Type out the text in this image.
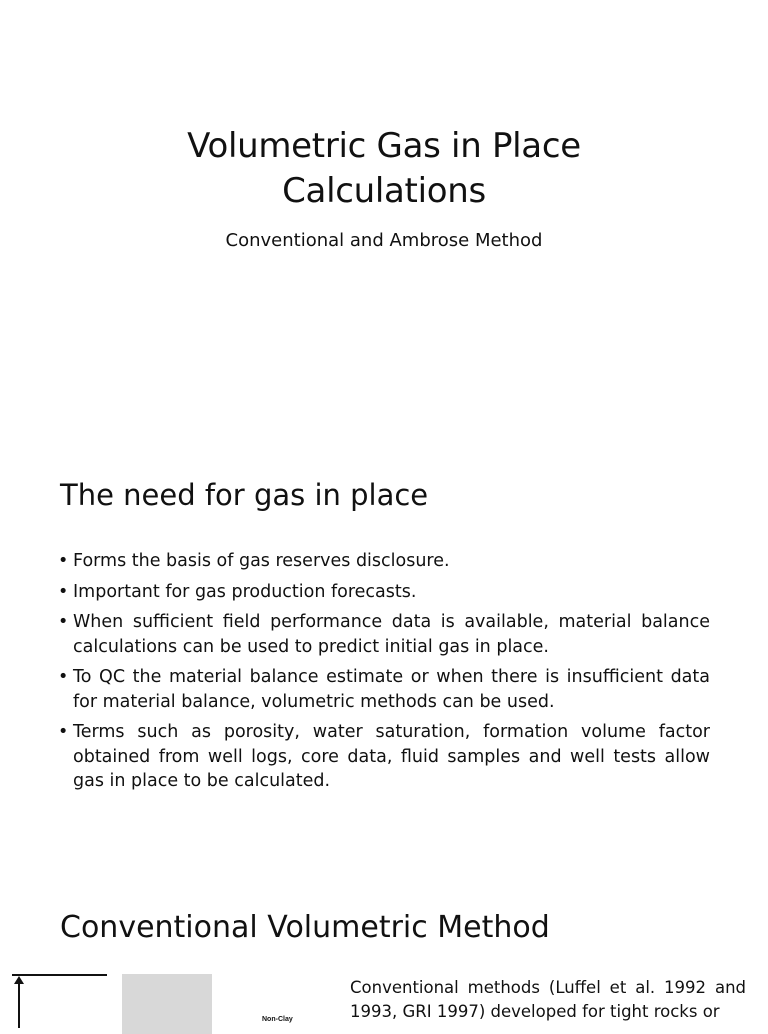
Volumetric Gas in Place
Calculations

Conventional and Ambrose Method

The need for gas in place
• Forms the basis of gas reserves disclosure.
• Important for gas production forecasts.
• When sufficient field performance data is available, material balance calculations can be used to predict initial gas in place.
• To QC the material balance estimate or when there is insufficient data for material balance, volumetric methods can be used.
• Terms such as porosity, water saturation, formation volume factor obtained from well logs, core data, fluid samples and well tests allow gas in place to be calculated.
Conventional Volumetric Method
Non-Clay

Conventional methods (Luffel et al. 1992 and 1993, GRI 1997) developed for tight rocks or
